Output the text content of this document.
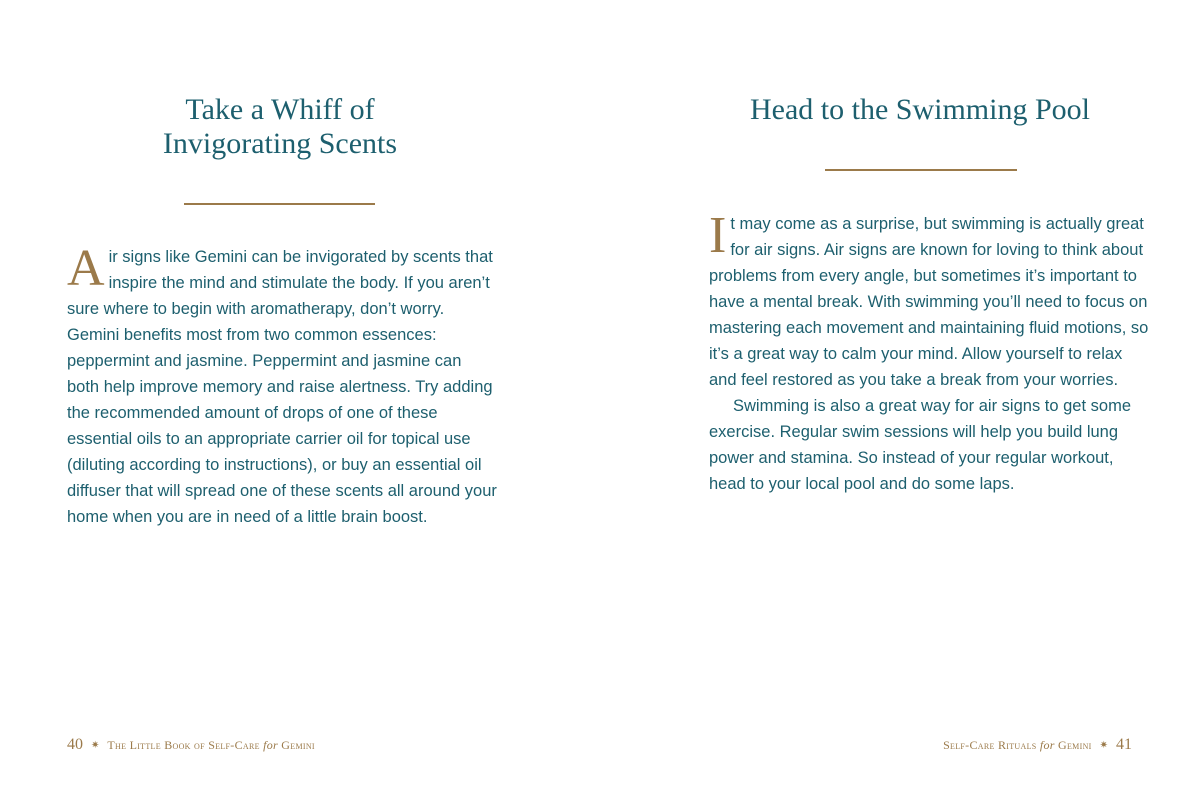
Take a Whiff of
Invigorating Scents

Air signs like Gemini can be invigorated by scents that inspire the mind and stimulate the body. If you aren’t sure where to begin with aromatherapy, don’t worry. Gemini benefits most from two common essences: peppermint and jasmine. Peppermint and jasmine can both help improve memory and raise alertness. Try adding the recommended amount of drops of one of these essential oils to an appropriate carrier oil for topical use (diluting according to instructions), or buy an essential oil diffuser that will spread one of these scents all around your home when you are in need of a little brain boost.

40 ✷ The Little Book of Self-Care for Gemini
Head to the Swimming Pool

It may come as a surprise, but swimming is actually great for air signs. Air signs are known for loving to think about problems from every angle, but sometimes it’s important to have a mental break. With swimming you’ll need to focus on mastering each movement and maintaining fluid motions, so it’s a great way to calm your mind. Allow yourself to relax and feel restored as you take a break from your worries.

Swimming is also a great way for air signs to get some exercise. Regular swim sessions will help you build lung power and stamina. So instead of your regular workout, head to your local pool and do some laps.

Self-Care Rituals for Gemini ✷ 41
